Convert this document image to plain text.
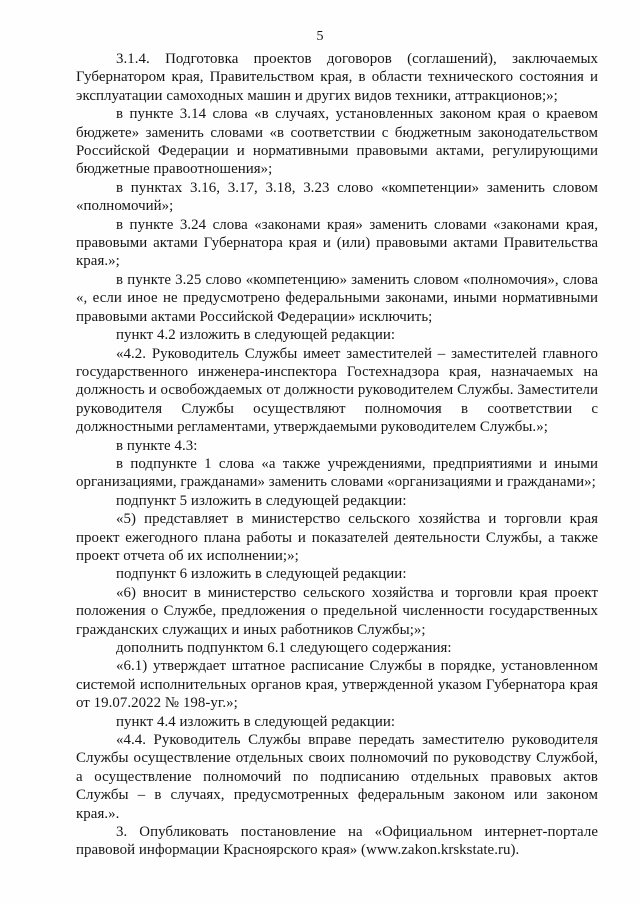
5

3.1.4. Подготовка проектов договоров (соглашений), заключаемых Губернатором края, Правительством края, в области технического состояния и эксплуатации самоходных машин и других видов техники, аттракционов;»;

в пункте 3.14 слова «в случаях, установленных законом края о краевом бюджете» заменить словами «в соответствии с бюджетным законодательством Российской Федерации и нормативными правовыми актами, регулирующими бюджетные правоотношения»;

в пунктах 3.16, 3.17, 3.18, 3.23 слово «компетенции» заменить словом «полномочий»;

в пункте 3.24 слова «законами края» заменить словами «законами края, правовыми актами Губернатора края и (или) правовыми актами Правительства края.»;

в пункте 3.25 слово «компетенцию» заменить словом «полномочия», слова «, если иное не предусмотрено федеральными законами, иными нормативными правовыми актами Российской Федерации» исключить;

пункт 4.2 изложить в следующей редакции:

«4.2. Руководитель Службы имеет заместителей – заместителей главного государственного инженера-инспектора Гостехнадзора края, назначаемых на должность и освобождаемых от должности руководителем Службы. Заместители руководителя Службы осуществляют полномочия в соответствии с должностными регламентами, утверждаемыми руководителем Службы.»;

в пункте 4.3:

в подпункте 1 слова «а также учреждениями, предприятиями и иными организациями, гражданами» заменить словами «организациями и гражданами»;

подпункт 5 изложить в следующей редакции:

«5) представляет в министерство сельского хозяйства и торговли края проект ежегодного плана работы и показателей деятельности Службы, а также проект отчета об их исполнении;»;

подпункт 6 изложить в следующей редакции:

«6) вносит в министерство сельского хозяйства и торговли края проект положения о Службе, предложения о предельной численности государственных гражданских служащих и иных работников Службы;»;

дополнить подпунктом 6.1 следующего содержания:

«6.1) утверждает штатное расписание Службы в порядке, установленном системой исполнительных органов края, утвержденной указом Губернатора края от 19.07.2022 № 198-уг.»;

пункт 4.4 изложить в следующей редакции:

«4.4. Руководитель Службы вправе передать заместителю руководителя Службы осуществление отдельных своих полномочий по руководству Службой, а осуществление полномочий по подписанию отдельных правовых актов Службы – в случаях, предусмотренных федеральным законом или законом края.».

3. Опубликовать постановление на «Официальном интернет-портале правовой информации Красноярского края» (www.zakon.krskstate.ru).
